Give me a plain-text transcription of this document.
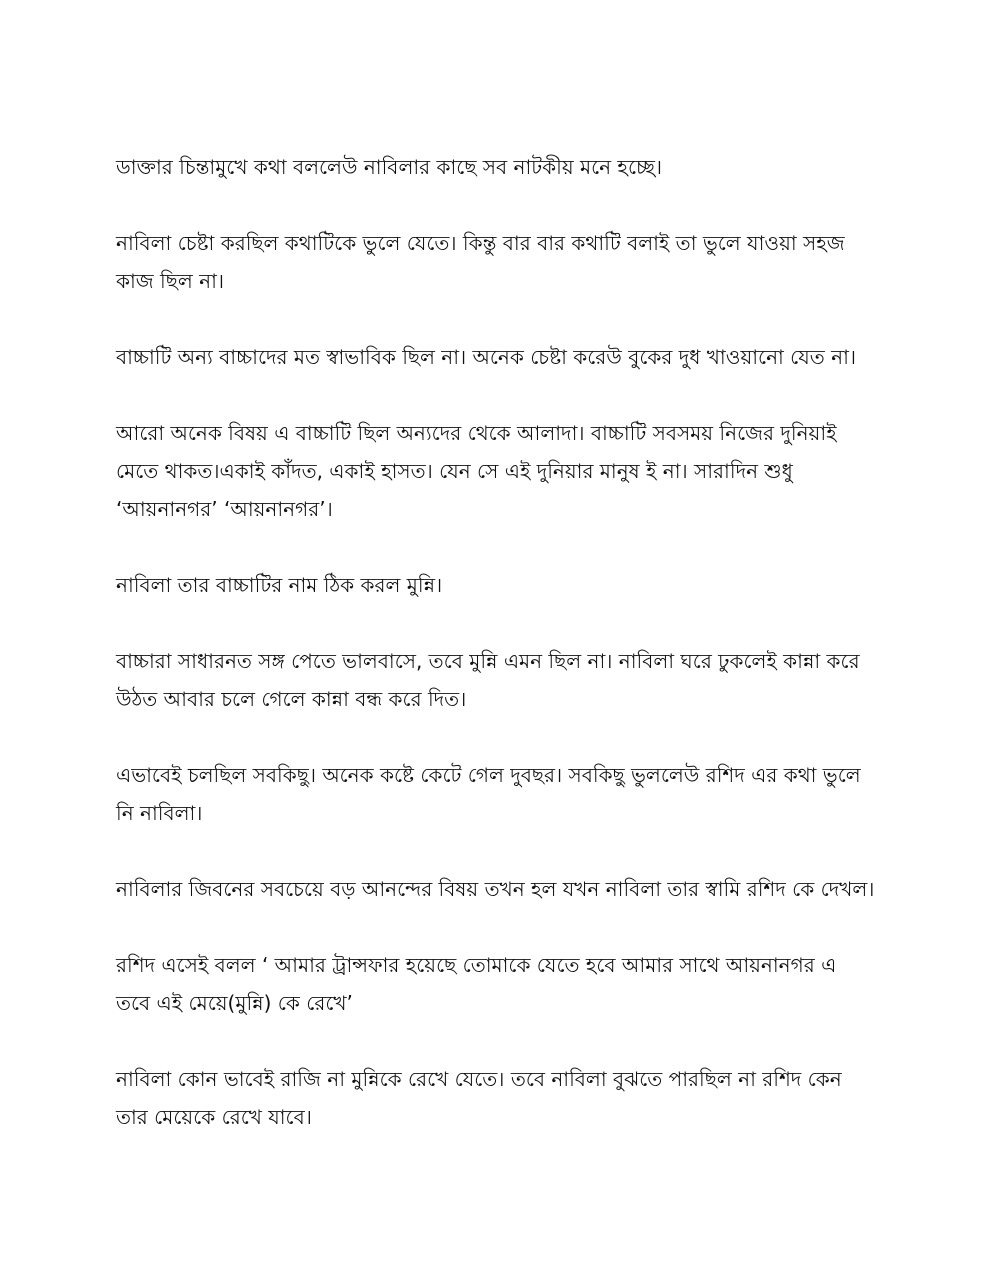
ডাক্তার চিন্তামুখে কথা বললেউ নাবিলার কাছে সব নাটকীয় মনে হচ্ছে।

নাবিলা চেষ্টা করছিল কথাটিকে ভুলে যেতে। কিন্তু বার বার কথাটি বলাই তা ভুলে যাওয়া সহজ কাজ ছিল না।

বাচ্চাটি অন্য বাচ্চাদের মত স্বাভাবিক ছিল না। অনেক চেষ্টা করেউ বুকের দুধ খাওয়ানো যেত না।

আরো অনেক বিষয় এ বাচ্চাটি ছিল অন্যদের থেকে আলাদা। বাচ্চাটি সবসময় নিজের দুনিয়াই মেতে থাকত।একাই কাঁদত, একাই হাসত। যেন সে এই দুনিয়ার মানুষ ই না। সারাদিন শুধু ‘আয়নানগর’ ‘আয়নানগর’।

নাবিলা তার বাচ্চাটির নাম ঠিক করল মুন্নি।

বাচ্চারা সাধারনত সঙ্গ পেতে ভালবাসে, তবে মুন্নি এমন ছিল না। নাবিলা ঘরে ঢুকলেই কান্না করে উঠত আবার চলে গেলে কান্না বন্ধ করে দিত।

এভাবেই চলছিল সবকিছু। অনেক কষ্টে কেটে গেল দুবছর। সবকিছু ভুললেউ রশিদ এর কথা ভুলে নি নাবিলা।

নাবিলার জিবনের সবচেয়ে বড় আনন্দের বিষয় তখন হল যখন নাবিলা তার স্বামি রশিদ কে দেখল।

রশিদ এসেই বলল ‘ আমার ট্রান্সফার হয়েছে তোমাকে যেতে হবে আমার সাথে আয়নানগর এ তবে এই মেয়ে(মুন্নি) কে রেখে’

নাবিলা কোন ভাবেই রাজি না মুন্নিকে রেখে যেতে। তবে নাবিলা বুঝতে পারছিল না রশিদ কেন তার মেয়েকে রেখে যাবে।
